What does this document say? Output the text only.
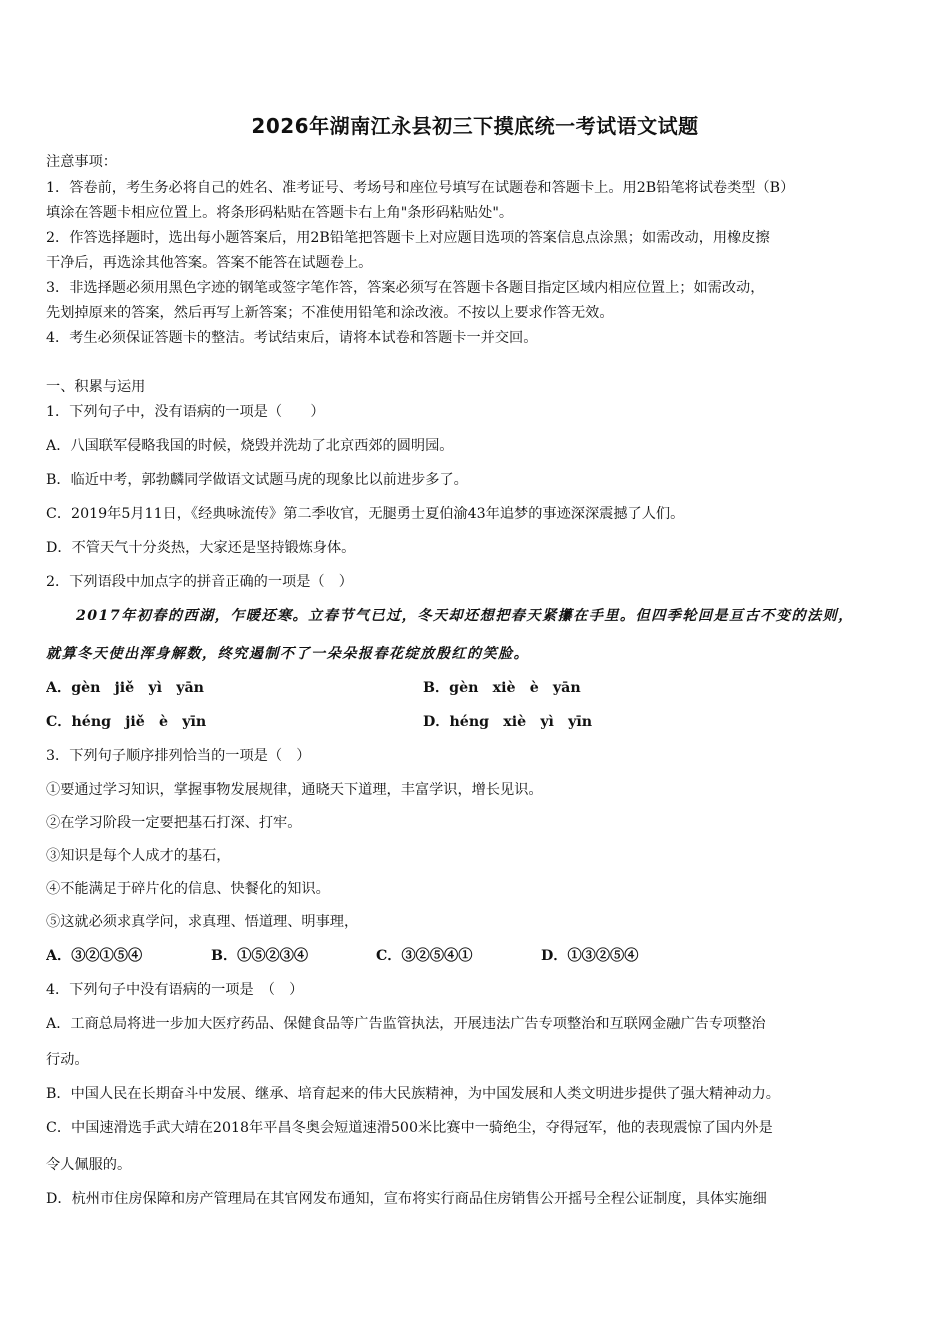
2026年湖南江永县初三下摸底统一考试语文试题
注意事项：
1．答卷前，考生务必将自己的姓名、准考证号、考场号和座位号填写在试题卷和答题卡上。用2B铅笔将试卷类型（B）
填涂在答题卡相应位置上。将条形码粘贴在答题卡右上角"条形码粘贴处"。
2．作答选择题时，选出每小题答案后，用2B铅笔把答题卡上对应题目选项的答案信息点涂黑；如需改动，用橡皮擦
干净后，再选涂其他答案。答案不能答在试题卷上。
3．非选择题必须用黑色字迹的钢笔或签字笔作答，答案必须写在答题卡各题目指定区域内相应位置上；如需改动，
先划掉原来的答案，然后再写上新答案；不准使用铅笔和涂改液。不按以上要求作答无效。
4．考生必须保证答题卡的整洁。考试结束后，请将本试卷和答题卡一并交回。
一、积累与运用
1．下列句子中，没有语病的一项是（　　）
A．八国联军侵略我国的时候，烧毁并洗劫了北京西郊的圆明园。
B．临近中考，郭勃麟同学做语文试题马虎的现象比以前进步多了。
C．2019年5月11日，《经典咏流传》第二季收官，无腿勇士夏伯渝43年追梦的事迹深深震撼了人们。
D．不管天气十分炎热，大家还是坚持锻炼身体。
2．下列语段中加点字的拼音正确的一项是（　）
2017年初春的西湖，乍暖还寒。立春节气已过，冬天却还想把春天紧攥在手里。但四季轮回是亘古不变的法则，
就算冬天使出浑身解数，终究遏制不了一朵朵报春花绽放殷红的笑脸。
A．gèn　jiě　yì　yān	B．gèn　xiè　è　yān
C．héng　jiě　è　yīn	D．héng　xiè　yì　yīn
3．下列句子顺序排列恰当的一项是（　）
①要通过学习知识，掌握事物发展规律，通晓天下道理，丰富学识，增长见识。
②在学习阶段一定要把基石打深、打牢。
③知识是每个人成才的基石，
④不能满足于碎片化的信息、快餐化的知识。
⑤这就必须求真学问，求真理、悟道理、明事理，
A．③②①⑤④	B．①⑤②③④	C．③②⑤④①	D．①③②⑤④
4．下列句子中没有语病的一项是　（　）
A．工商总局将进一步加大医疗药品、保健食品等广告监管执法，开展违法广告专项整治和互联网金融广告专项整治
行动。
B．中国人民在长期奋斗中发展、继承、培育起来的伟大民族精神，为中国发展和人类文明进步提供了强大精神动力。
C．中国速滑选手武大靖在2018年平昌冬奥会短道速滑500米比赛中一骑绝尘，夺得冠军，他的表现震惊了国内外是
令人佩服的。
D．杭州市住房保障和房产管理局在其官网发布通知，宣布将实行商品住房销售公开摇号全程公证制度，具体实施细
